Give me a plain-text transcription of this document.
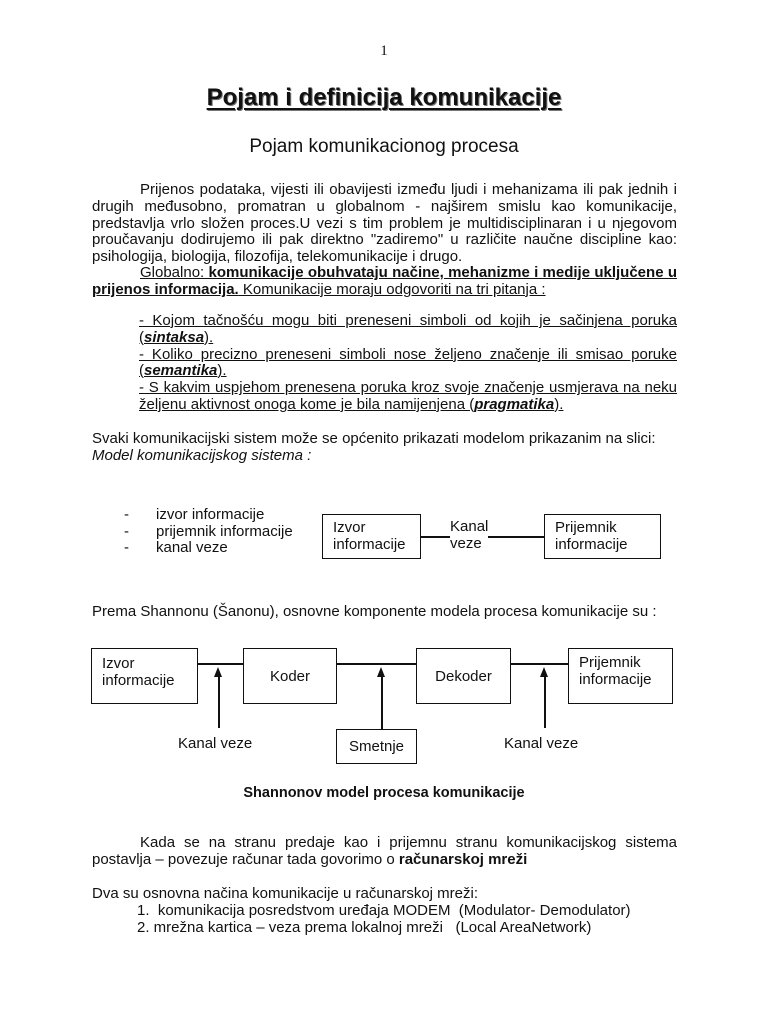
1
Pojam i definicija komunikacije
Pojam komunikacionog procesa
Prijenos podataka, vijesti ili obavijesti između ljudi i mehanizama ili pak jednih i drugih međusobno, promatran u globalnom - najširem smislu kao komunikacije, predstavlja vrlo složen proces.U vezi s tim problem je multidisciplinaran i u njegovom proučavanju dodirujemo ili pak direktno "zadiremo" u različite naučne discipline kao: psihologija, biologija, filozofija, telekomunikacije i drugo.
Globalno: komunikacije obuhvataju načine, mehanizme i medije uključene u prijenos informacija. Komunikacije moraju odgovoriti na tri pitanja :
- Kojom tačnošću mogu biti preneseni simboli od kojih je sačinjena poruka (sintaksa).
- Koliko precizno preneseni simboli nose željeno značenje ili smisao poruke (semantika).
- S kakvim uspjehom prenesena poruka kroz svoje značenje usmjerava na neku željenu aktivnost onoga kome je bila namijenjena (pragmatika).
Svaki komunikacijski sistem može se općenito prikazati modelom prikazanim na slici:
Model komunikacijskog sistema :
- izvor informacije
- prijemnik informacije
- kanal veze
Izvor
informacije
Kanal
veze
Prijemnik
informacije
Prema Shannonu (Šanonu), osnovne komponente modela procesa komunikacije su :
Izvor
informacije	Koder	Dekoder
Prijemnik
informacije
Kanal veze	Smetnje	Kanal veze
Shannonov model procesa komunikacije
Kada se na stranu predaje kao i prijemnu stranu komunikacijskog sistema postavlja – povezuje računar tada govorimo o računarskoj mreži
Dva su osnovna načina komunikacije u računarskoj mreži:
1.  komunikacija posredstvom uređaja MODEM  (Modulator- Demodulator)
2. mrežna kartica – veza prema lokalnoj mreži   (Local AreaNetwork)
